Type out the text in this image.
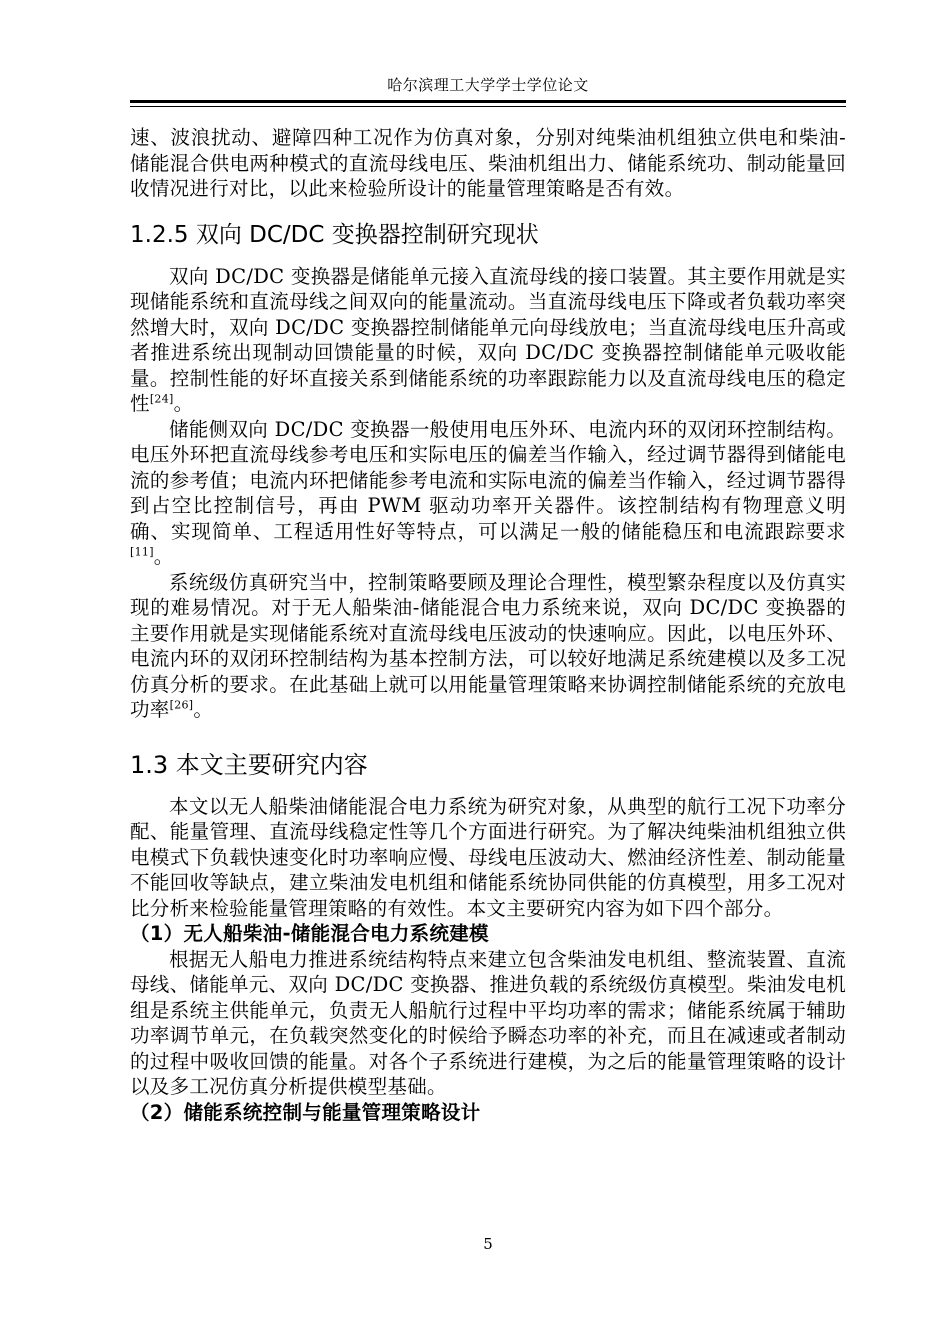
哈尔滨理工大学学士学位论文

速、波浪扰动、避障四种工况作为仿真对象，分别对纯柴油机组独立供电和柴油-储能混合供电两种模式的直流母线电压、柴油机组出力、储能系统功、制动能量回收情况进行对比，以此来检验所设计的能量管理策略是否有效。

1.2.5 双向 DC/DC 变换器控制研究现状

双向 DC/DC 变换器是储能单元接入直流母线的接口装置。其主要作用就是实现储能系统和直流母线之间双向的能量流动。当直流母线电压下降或者负载功率突然增大时，双向 DC/DC 变换器控制储能单元向母线放电；当直流母线电压升高或者推进系统出现制动回馈能量的时候，双向 DC/DC 变换器控制储能单元吸收能量。控制性能的好坏直接关系到储能系统的功率跟踪能力以及直流母线电压的稳定性[24]。

储能侧双向 DC/DC 变换器一般使用电压外环、电流内环的双闭环控制结构。电压外环把直流母线参考电压和实际电压的偏差当作输入，经过调节器得到储能电流的参考值；电流内环把储能参考电流和实际电流的偏差当作输入，经过调节器得到占空比控制信号，再由 PWM 驱动功率开关器件。该控制结构有物理意义明确、实现简单、工程适用性好等特点，可以满足一般的储能稳压和电流跟踪要求[11]。

系统级仿真研究当中，控制策略要顾及理论合理性，模型繁杂程度以及仿真实现的难易情况。对于无人船柴油-储能混合电力系统来说，双向 DC/DC 变换器的主要作用就是实现储能系统对直流母线电压波动的快速响应。因此，以电压外环、电流内环的双闭环控制结构为基本控制方法，可以较好地满足系统建模以及多工况仿真分析的要求。在此基础上就可以用能量管理策略来协调控制储能系统的充放电功率[26]。

1.3 本文主要研究内容

本文以无人船柴油储能混合电力系统为研究对象，从典型的航行工况下功率分配、能量管理、直流母线稳定性等几个方面进行研究。为了解决纯柴油机组独立供电模式下负载快速变化时功率响应慢、母线电压波动大、燃油经济性差、制动能量不能回收等缺点，建立柴油发电机组和储能系统协同供能的仿真模型，用多工况对比分析来检验能量管理策略的有效性。本文主要研究内容为如下四个部分。

（1）无人船柴油-储能混合电力系统建模

根据无人船电力推进系统结构特点来建立包含柴油发电机组、整流装置、直流母线、储能单元、双向 DC/DC 变换器、推进负载的系统级仿真模型。柴油发电机组是系统主供能单元，负责无人船航行过程中平均功率的需求；储能系统属于辅助功率调节单元，在负载突然变化的时候给予瞬态功率的补充，而且在减速或者制动的过程中吸收回馈的能量。对各个子系统进行建模，为之后的能量管理策略的设计以及多工况仿真分析提供模型基础。

（2）储能系统控制与能量管理策略设计
5
